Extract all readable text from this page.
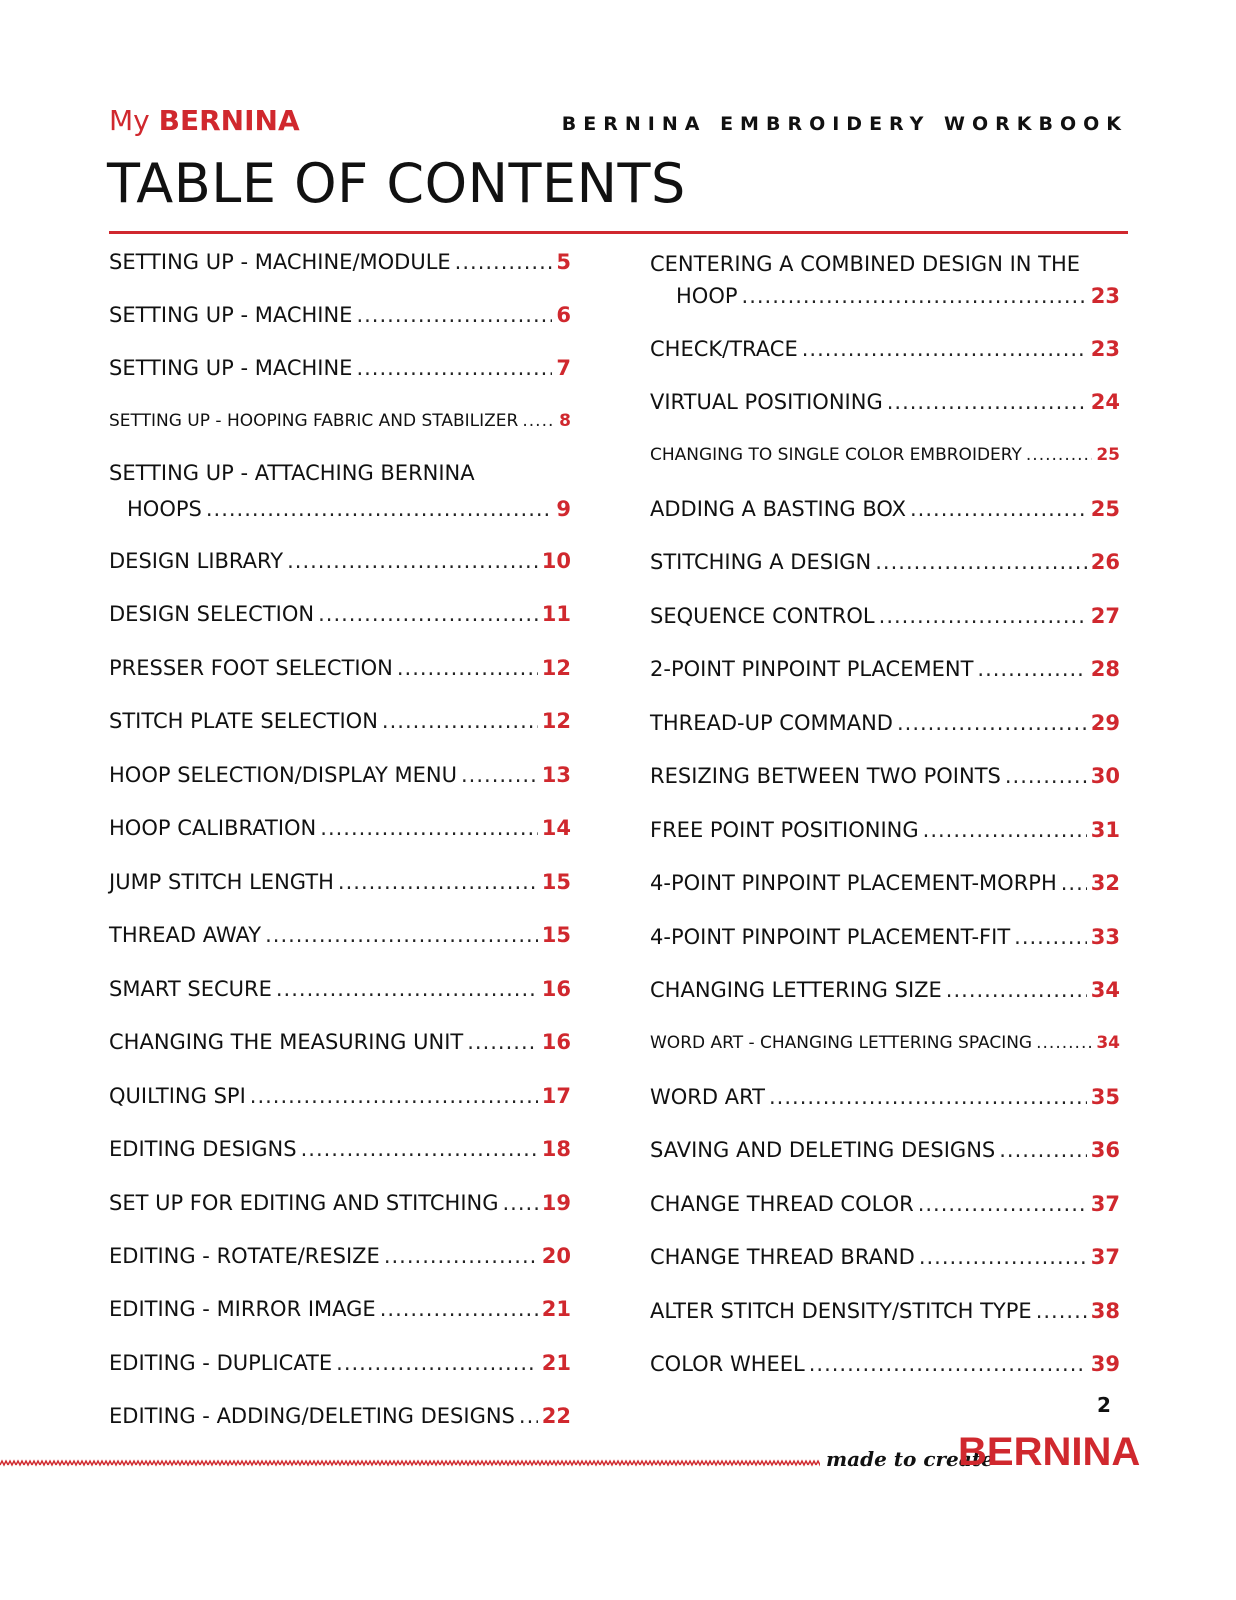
My BERNINA	BERNINA EMBROIDERY WORKBOOK
TABLE OF CONTENTS
SETTING UP - MACHINE/MODULE .....	5
SETTING UP - MACHINE .....	6
SETTING UP - MACHINE .....	7
SETTING UP - HOOPING FABRIC AND STABILIZER ..... 8
SETTING UP - ATTACHING BERNINA
HOOPS .....	9
DESIGN LIBRARY .....	10
DESIGN SELECTION .....	11
PRESSER FOOT SELECTION .....	12
STITCH PLATE SELECTION .....	12
HOOP SELECTION/DISPLAY MENU .....	13
HOOP CALIBRATION .....	14
JUMP STITCH LENGTH .....	15
THREAD AWAY .....	15
SMART SECURE .....	16
CHANGING THE MEASURING UNIT .....	16
QUILTING SPI .....	17
EDITING DESIGNS .....	18
SET UP FOR EDITING AND STITCHING ..... 19
EDITING - ROTATE/RESIZE .....	20
EDITING - MIRROR IMAGE .....	21
EDITING - DUPLICATE .....	21
EDITING - ADDING/DELETING DESIGNS ..... 22
CENTERING A COMBINED DESIGN IN THE
HOOP .....	23
CHECK/TRACE .....	23
VIRTUAL POSITIONING .....	24
CHANGING TO SINGLE COLOR EMBROIDERY .....	25
ADDING A BASTING BOX .....	25
STITCHING A DESIGN .....	26
SEQUENCE CONTROL .....	27
2-POINT PINPOINT PLACEMENT .....	28
THREAD-UP COMMAND .....	29
RESIZING BETWEEN TWO POINTS .....	30
FREE POINT POSITIONING .....	31
4-POINT PINPOINT PLACEMENT-MORPH ..... 32
4-POINT PINPOINT PLACEMENT-FIT .....	33
CHANGING LETTERING SIZE .....	34
WORD ART - CHANGING LETTERING SPACING .....	34
WORD ART .....	35
SAVING AND DELETING DESIGNS .....	36
CHANGE THREAD COLOR .....	37
CHANGE THREAD BRAND .....	37
ALTER STITCH DENSITY/STITCH TYPE .....	38
COLOR WHEEL .....	39
2
made to create
BERNINA
